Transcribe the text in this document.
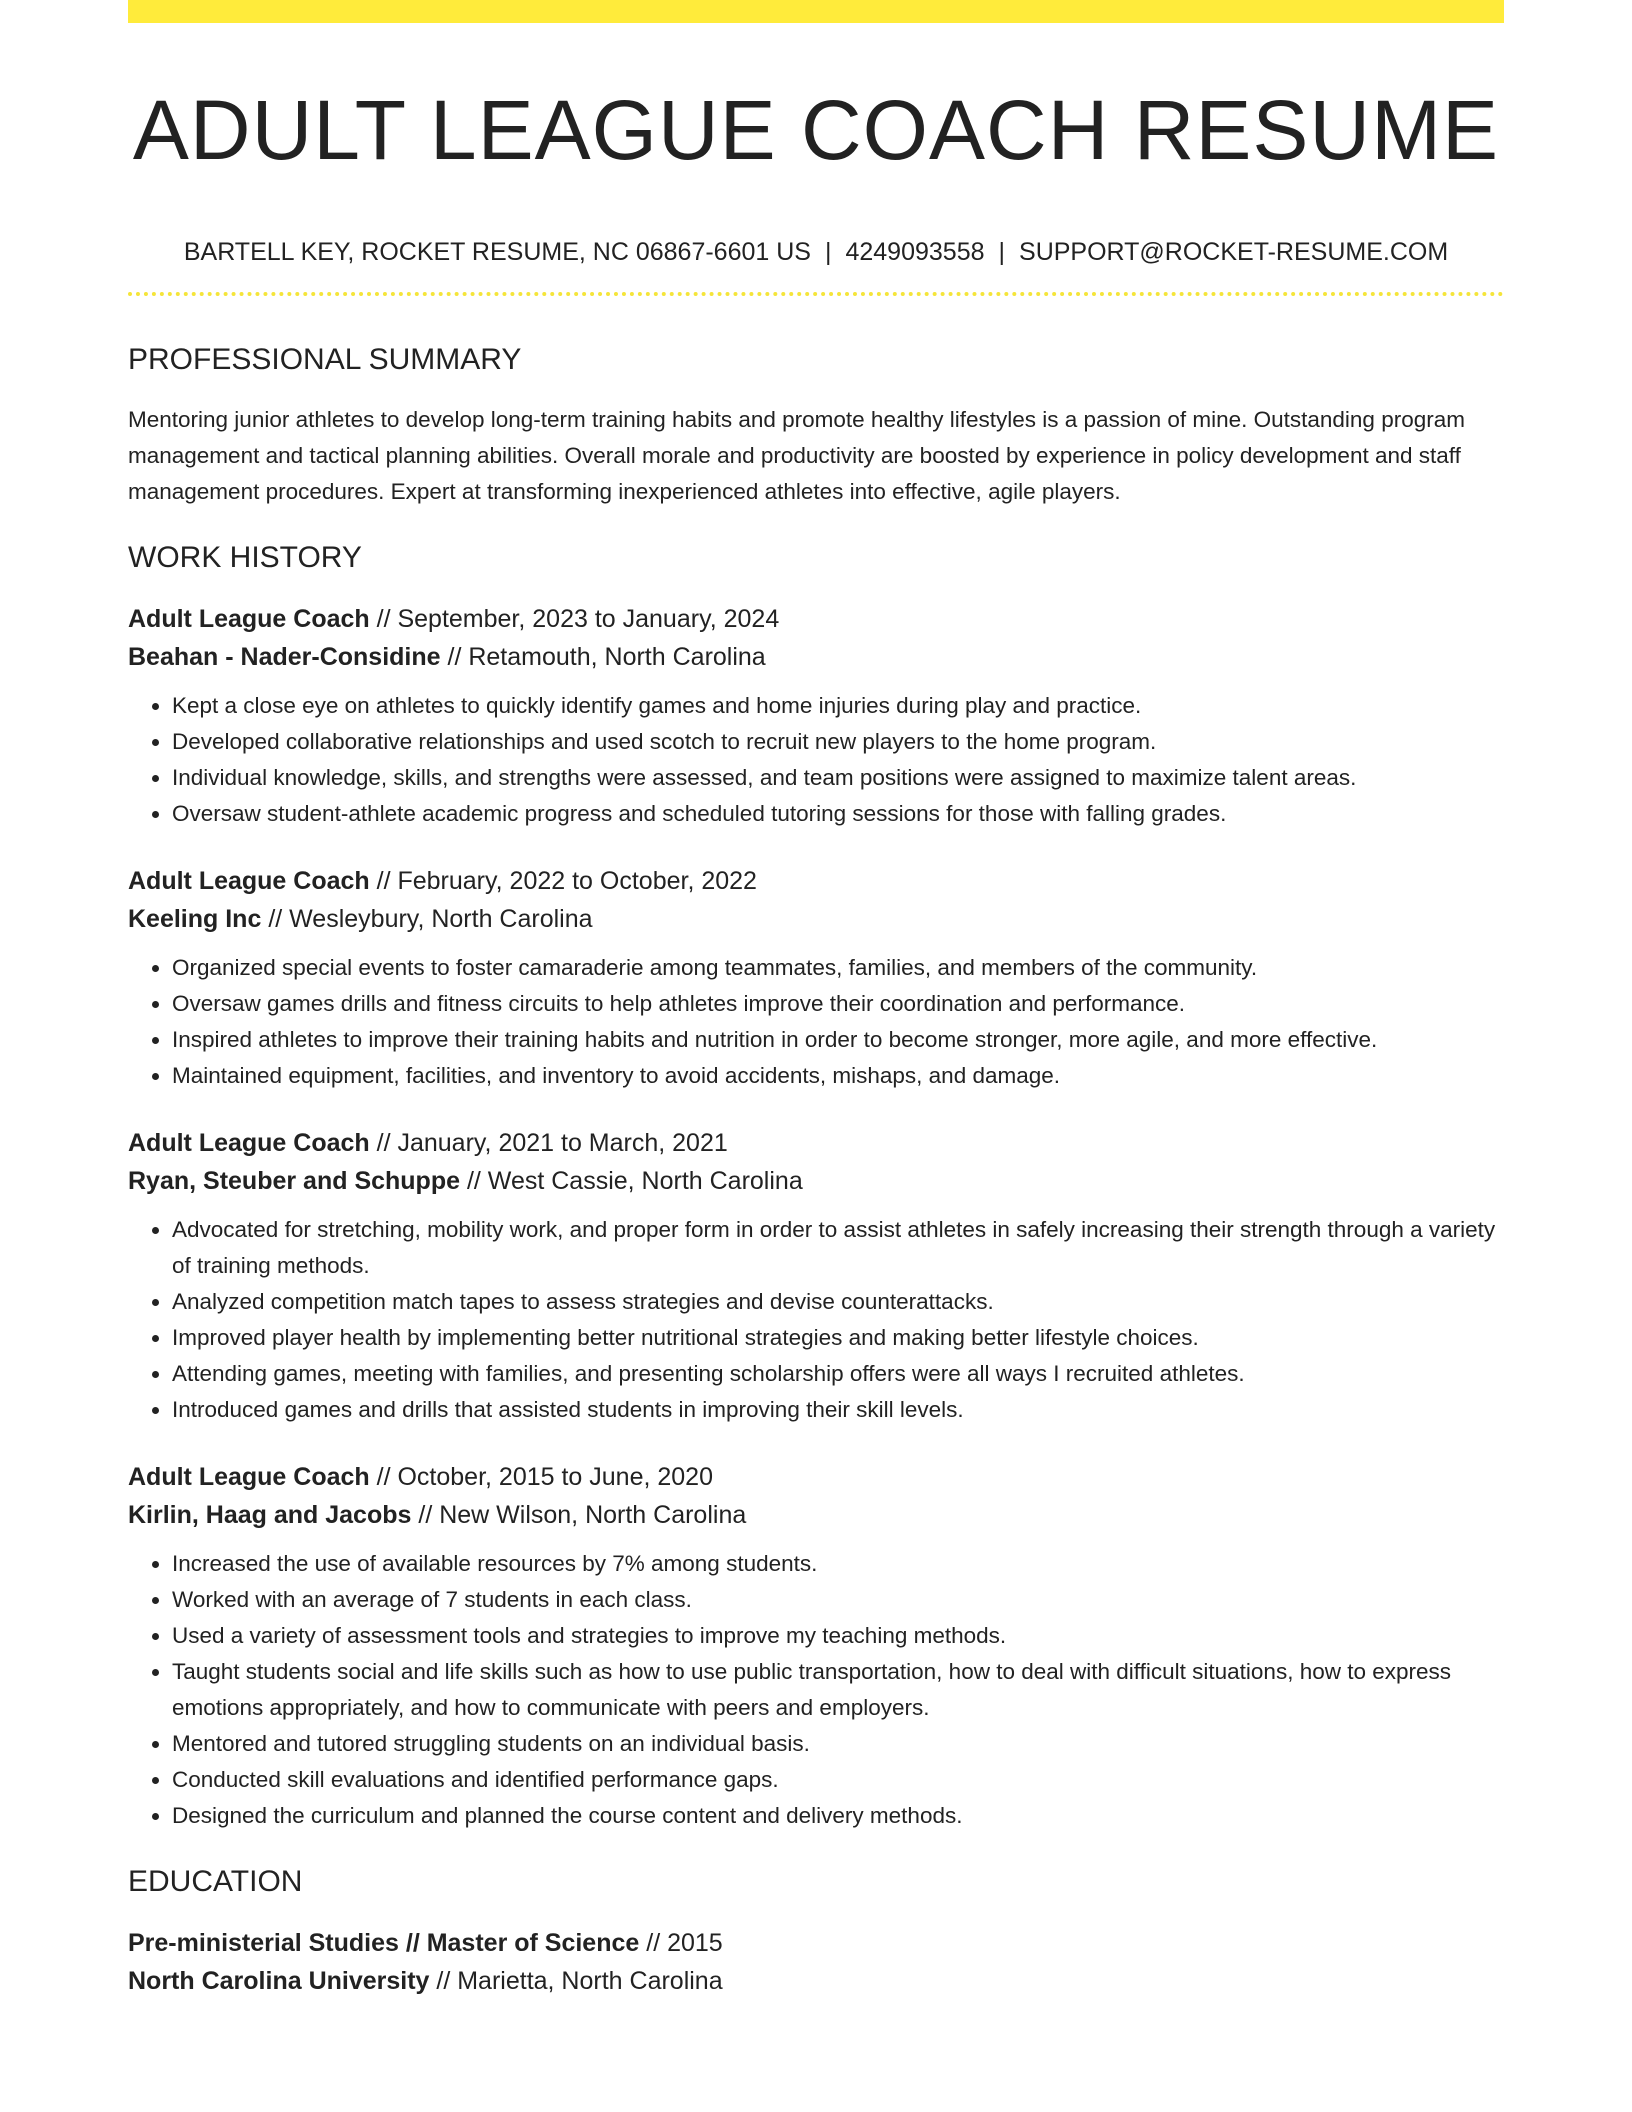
ADULT LEAGUE COACH RESUME
BARTELL KEY, ROCKET RESUME, NC 06867-6601 US | 4249093558 | SUPPORT@ROCKET-RESUME.COM
PROFESSIONAL SUMMARY
Mentoring junior athletes to develop long-term training habits and promote healthy lifestyles is a passion of mine. Outstanding program management and tactical planning abilities. Overall morale and productivity are boosted by experience in policy development and staff management procedures. Expert at transforming inexperienced athletes into effective, agile players.
WORK HISTORY
Adult League Coach // September, 2023 to January, 2024
Beahan - Nader-Considine // Retamouth, North Carolina
• Kept a close eye on athletes to quickly identify games and home injuries during play and practice.
• Developed collaborative relationships and used scotch to recruit new players to the home program.
• Individual knowledge, skills, and strengths were assessed, and team positions were assigned to maximize talent areas.
• Oversaw student-athlete academic progress and scheduled tutoring sessions for those with falling grades.
Adult League Coach // February, 2022 to October, 2022
Keeling Inc // Wesleybury, North Carolina
• Organized special events to foster camaraderie among teammates, families, and members of the community.
• Oversaw games drills and fitness circuits to help athletes improve their coordination and performance.
• Inspired athletes to improve their training habits and nutrition in order to become stronger, more agile, and more effective.
• Maintained equipment, facilities, and inventory to avoid accidents, mishaps, and damage.
Adult League Coach // January, 2021 to March, 2021
Ryan, Steuber and Schuppe // West Cassie, North Carolina
• Advocated for stretching, mobility work, and proper form in order to assist athletes in safely increasing their strength through a variety of training methods.
• Analyzed competition match tapes to assess strategies and devise counterattacks.
• Improved player health by implementing better nutritional strategies and making better lifestyle choices.
• Attending games, meeting with families, and presenting scholarship offers were all ways I recruited athletes.
• Introduced games and drills that assisted students in improving their skill levels.
Adult League Coach // October, 2015 to June, 2020
Kirlin, Haag and Jacobs // New Wilson, North Carolina
• Increased the use of available resources by 7% among students.
• Worked with an average of 7 students in each class.
• Used a variety of assessment tools and strategies to improve my teaching methods.
• Taught students social and life skills such as how to use public transportation, how to deal with difficult situations, how to express emotions appropriately, and how to communicate with peers and employers.
• Mentored and tutored struggling students on an individual basis.
• Conducted skill evaluations and identified performance gaps.
• Designed the curriculum and planned the course content and delivery methods.
EDUCATION
Pre-ministerial Studies // Master of Science // 2015
North Carolina University // Marietta, North Carolina
